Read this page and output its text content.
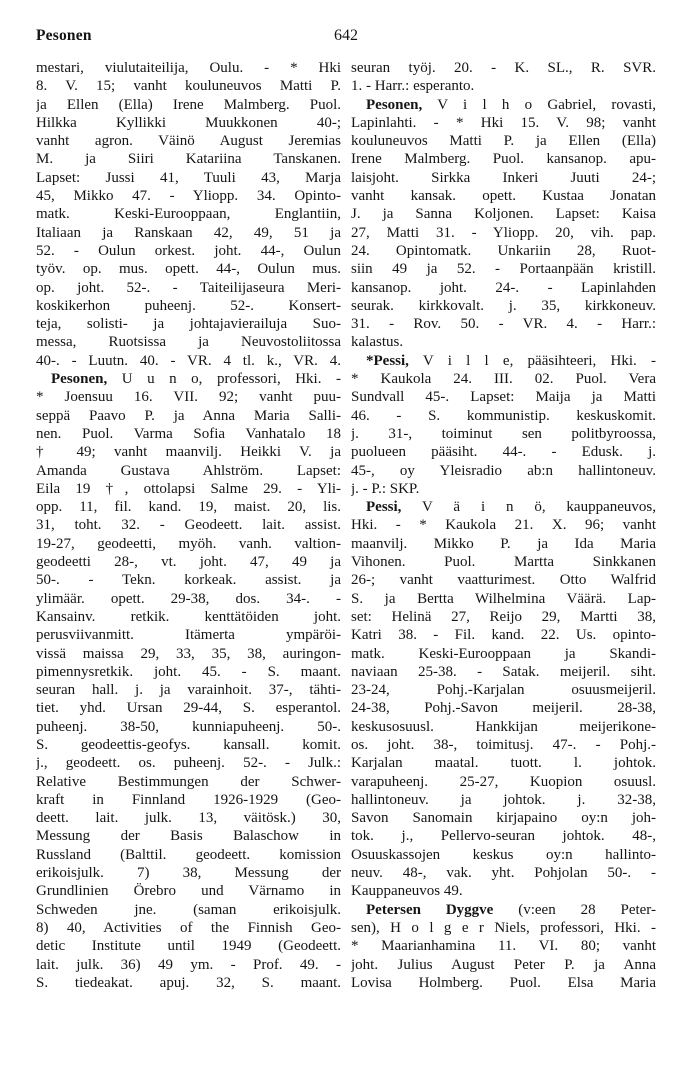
Pesonen	642
mestari, viulutaiteilija, Oulu. - * Hki
8. V. 15; vanht kouluneuvos Matti P.
ja Ellen (Ella) Irene Malmberg. Puol.
Hilkka Kyllikki Muukkonen 40-;
vanht agron. Väinö August Jeremias
M. ja Siiri Katariina Tanskanen.
Lapset: Jussi 41, Tuuli 43, Marja
45, Mikko 47. - Yliopp. 34. Opinto-
matk. Keski-Eurooppaan, Englantiin,
Italiaan ja Ranskaan 42, 49, 51 ja
52. - Oulun orkest. joht. 44-, Oulun
työv. op. mus. opett. 44-, Oulun mus.
op. joht. 52-. - Taiteilijaseura Meri-
koskikerhon puheenj. 52-. Konsert-
teja, solisti- ja johtajavierailuja Suo-
messa, Ruotsissa ja Neuvostoliitossa
40-. - Luutn. 40. - VR. 4 tl. k., VR. 4.
Pesonen, U u n o, professori, Hki. -
* Joensuu 16. VII. 92; vanht puu-
seppä Paavo P. ja Anna Maria Salli-
nen. Puol. Varma Sofia Vanhatalo 18
† 49; vanht maanvilj. Heikki V. ja
Amanda Gustava Ahlström. Lapset:
Eila 19 †, ottolapsi Salme 29. - Yli-
opp. 11, fil. kand. 19, maist. 20, lis.
31, toht. 32. - Geodeett. lait. assist.
19-27, geodeetti, myöh. vanh. valtion-
geodeetti 28-, vt. joht. 47, 49 ja
50-. - Tekn. korkeak. assist. ja
ylimäär. opett. 29-38, dos. 34-. -
Kansainv. retkik. kenttätöiden joht.
perusviivanmitt. Itämerta ympäröi-
vissä maissa 29, 33, 35, 38, auringon-
pimennysretkik. joht. 45. - S. maant.
seuran hall. j. ja varainhoit. 37-, tähti-
tiet. yhd. Ursan 29-44, S. esperantol.
puheenj. 38-50, kunniapuheenj. 50-.
S. geodeettis-geofys. kansall. komit.
j., geodeett. os. puheenj. 52-. - Julk.:
Relative Bestimmungen der Schwer-
kraft in Finnland 1926-1929 (Geo-
deett. lait. julk. 13, väitösk.) 30,
Messung der Basis Balaschow in
Russland (Balttil. geodeett. komission
erikoisjulk. 7) 38, Messung der
Grundlinien Örebro und Värnamo in
Schweden jne. (saman erikoisjulk.
8) 40, Activities of the Finnish Geo-
detic Institute until 1949 (Geodeett.
lait. julk. 36) 49 ym. - Prof. 49. -
S. tiedeakat. apuj. 32, S. maant.
seuran työj. 20. - K. SL., R. SVR.
1. - Harr.: esperanto.
Pesonen, V i l h o Gabriel, rovasti,
Lapinlahti. - * Hki 15. V. 98; vanht
kouluneuvos Matti P. ja Ellen (Ella)
Irene Malmberg. Puol. kansanop. apu-
laisjoht. Sirkka Inkeri Juuti 24-;
vanht kansak. opett. Kustaa Jonatan
J. ja Sanna Koljonen. Lapset: Kaisa
27, Matti 31. - Yliopp. 20, vih. pap.
24. Opintomatk. Unkariin 28, Ruot-
siin 49 ja 52. - Portaanpään kristill.
kansanop. joht. 24-. - Lapinlahden
seurak. kirkkovalt. j. 35, kirkkoneuv.
31. - Rov. 50. - VR. 4. - Harr.:
kalastus.
*Pessi, V i l l e, pääsihteeri, Hki. -
* Kaukola 24. III. 02. Puol. Vera
Sundvall 45-. Lapset: Maija ja Matti
46. - S. kommunistip. keskuskomit.
j. 31-, toiminut sen politbyroossa,
puolueen pääsiht. 44-. - Edusk. j.
45-, oy Yleisradio ab:n hallintoneuv.
j. - P.: SKP.
Pessi, V ä i n ö, kauppaneuvos,
Hki. - * Kaukola 21. X. 96; vanht
maanvilj. Mikko P. ja Ida Maria
Vihonen. Puol. Martta Sinkkanen
26-; vanht vaatturimest. Otto Walfrid
S. ja Bertta Wilhelmina Väärä. Lap-
set: Helinä 27, Reijo 29, Martti 38,
Katri 38. - Fil. kand. 22. Us. opinto-
matk. Keski-Eurooppaan ja Skandi-
naviaan 25-38. - Satak. meijeril. siht.
23-24, Pohj.-Karjalan osuusmeijeril.
24-38, Pohj.-Savon meijeril. 28-38,
keskusosuusl. Hankkijan meijerikone-
os. joht. 38-, toimitusj. 47-. - Pohj.-
Karjalan maatal. tuott. l. johtok.
varapuheenj. 25-27, Kuopion osuusl.
hallintoneuv. ja johtok. j. 32-38,
Savon Sanomain kirjapaino oy:n joh-
tok. j., Pellervo-seuran johtok. 48-,
Osuuskassojen keskus oy:n hallinto-
neuv. 48-, vak. yht. Pohjolan 50-. -
Kauppaneuvos 49.
Petersen Dyggve (v:een 28 Peter-
sen), H o l g e r Niels, professori, Hki. -
* Maarianhamina 11. VI. 80; vanht
joht. Julius August Peter P. ja Anna
Lovisa Holmberg. Puol. Elsa Maria
